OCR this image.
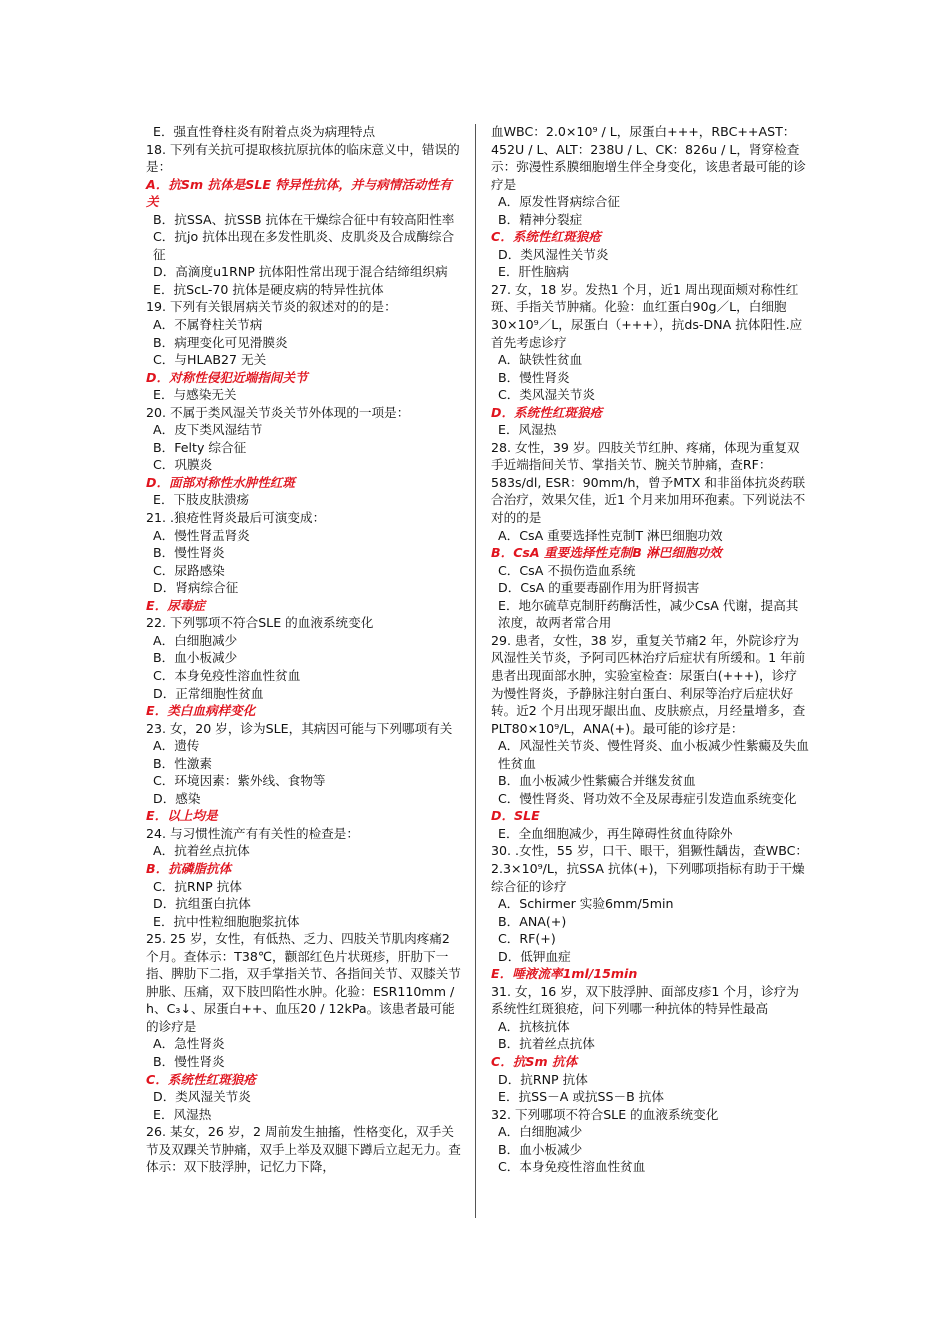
E．强直性脊柱炎有附着点炎为病理特点

18. 下列有关抗可提取核抗原抗体的临床意义中，错误的是：

A．抗Sm 抗体是SLE 特异性抗体，并与病情活动性有关

B．抗SSA、抗SSB 抗体在干燥综合征中有较高阳性率

C．抗jo 抗体出现在多发性肌炎、皮肌炎及合成酶综合征

D．高滴度u1RNP 抗体阳性常出现于混合结缔组织病

E．抗ScL-70 抗体是硬皮病的特异性抗体

19. 下列有关银屑病关节炎的叙述对的的是：

A．不属脊柱关节病

B．病理变化可见滑膜炎

C．与HLAB27 无关

D．对称性侵犯近端指间关节

E．与感染无关

20. 不属于类风湿关节炎关节外体现的一项是：

A．皮下类风湿结节

B．Felty 综合征

C．巩膜炎

D．面部对称性水肿性红斑

E．下肢皮肤溃疡

21. .狼疮性肾炎最后可演变成：

A．慢性肾盂肾炎

B．慢性肾炎

C．尿路感染

D．肾病综合征

E．尿毒症

22. 下列鄂项不符合SLE 的血液系统变化

A．白细胞减少

B．血小板减少

C．本身免疫性溶血性贫血

D．正常细胞性贫血

E．类白血病样变化

23. 女，20 岁，诊为SLE，其病因可能与下列哪项有关

A．遗传

B．性激素

C．环境因素：紫外线、食物等

D．感染

E．以上均是

24. 与习惯性流产有有关性的检查是：

A．抗着丝点抗体

B．抗磷脂抗体

C．抗RNP 抗体

D．抗组蛋白抗体

E．抗中性粒细胞胞浆抗体

25. 25 岁，女性，有低热、乏力、四肢关节肌肉疼痛2 个月。查体示：T38℃，颧部红色片状斑疹，肝肋下一指、脾肋下二指，双手掌指关节、各指间关节、双膝关节肿胀、压痛，双下肢凹陷性水肿。化验：ESR110mm / h、C₃↓、尿蛋白++、血压20 / 12kPa。该患者最可能的诊疗是

A．急性肾炎

B．慢性肾炎

C．系统性红斑狼疮

D．类风湿关节炎

E．风湿热

26. 某女，26 岁，2 周前发生抽搐，性格变化，双手关节及双踝关节肿痛，双手上举及双腿下蹲后立起无力。查体示：双下肢浮肿，记忆力下降，

血WBC：2.0×10⁹ / L，尿蛋白+++，RBC++AST：452U / L、ALT：238U / L、CK：826u / L，肾穿检查示：弥漫性系膜细胞增生伴全身变化，该患者最可能的诊疗是

A．原发性肾病综合征

B．精神分裂症

C．系统性红斑狼疮

D．类风湿性关节炎

E．肝性脑病

27. 女，18 岁。发热1 个月，近1 周出现面颊对称性红斑、手指关节肿痛。化验：血红蛋白90g／L，白细胞30×10⁹／L，尿蛋白（+++），抗ds-DNA 抗体阳性.应首先考虑诊疗

A．缺铁性贫血

B．慢性肾炎

C．类风湿关节炎

D．系统性红斑狼疮

E．风湿热

28. 女性，39 岁。四肢关节红肿、疼痛，体现为重复双手近端指间关节、掌指关节、腕关节肿痛，查RF：583s/dl, ESR：90mm/h，曾予MTX 和非甾体抗炎药联合治疗，效果欠佳，近1 个月来加用环孢素。下列说法不对的的是

A．CsA 重要选择性克制T 淋巴细胞功效

B．CsA 重要选择性克制B 淋巴细胞功效

C．CsA 不损伤造血系统

D．CsA 的重要毒副作用为肝肾损害

E．地尔硫草克制肝药酶活性，减少CsA 代谢，提高其浓度，故两者常合用

29. 患者，女性，38 岁，重复关节痛2 年，外院诊疗为风湿性关节炎，予阿司匹林治疗后症状有所缓和。1 年前患者出现面部水肿，实验室检查：尿蛋白(+++)，诊疗为慢性肾炎，予静脉注射白蛋白、利尿等治疗后症状好转。近2 个月出现牙龈出血、皮肤瘀点，月经量增多，查PLT80×10⁹/L，ANA(+)。最可能的诊疗是：

A．风湿性关节炎、慢性肾炎、血小板减少性紫癜及失血性贫血

B．血小板减少性紫癜合并继发贫血

C．慢性肾炎、肾功效不全及尿毒症引发造血系统变化

D．SLE

E．全血细胞减少，再生障碍性贫血待除外

30. .女性，55 岁，口干、眼干，猖獗性龋齿，查WBC：2.3×10⁹/L，抗SSA 抗体(+)，下列哪项指标有助于干燥综合征的诊疗

A．Schirmer 实验6mm/5min

B．ANA(+)

C．RF(+)

D．低钾血症

E．唾液流率1ml/15min

31. 女，16 岁，双下肢浮肿、面部皮疹1 个月，诊疗为系统性红斑狼疮，问下列哪一种抗体的特异性最高

A．抗核抗体

B．抗着丝点抗体

C．抗Sm 抗体

D．抗RNP 抗体

E．抗SS－A 或抗SS－B 抗体

32. 下列哪项不符合SLE 的血液系统变化

A．白细胞减少

B．血小板减少

C．本身免疫性溶血性贫血
